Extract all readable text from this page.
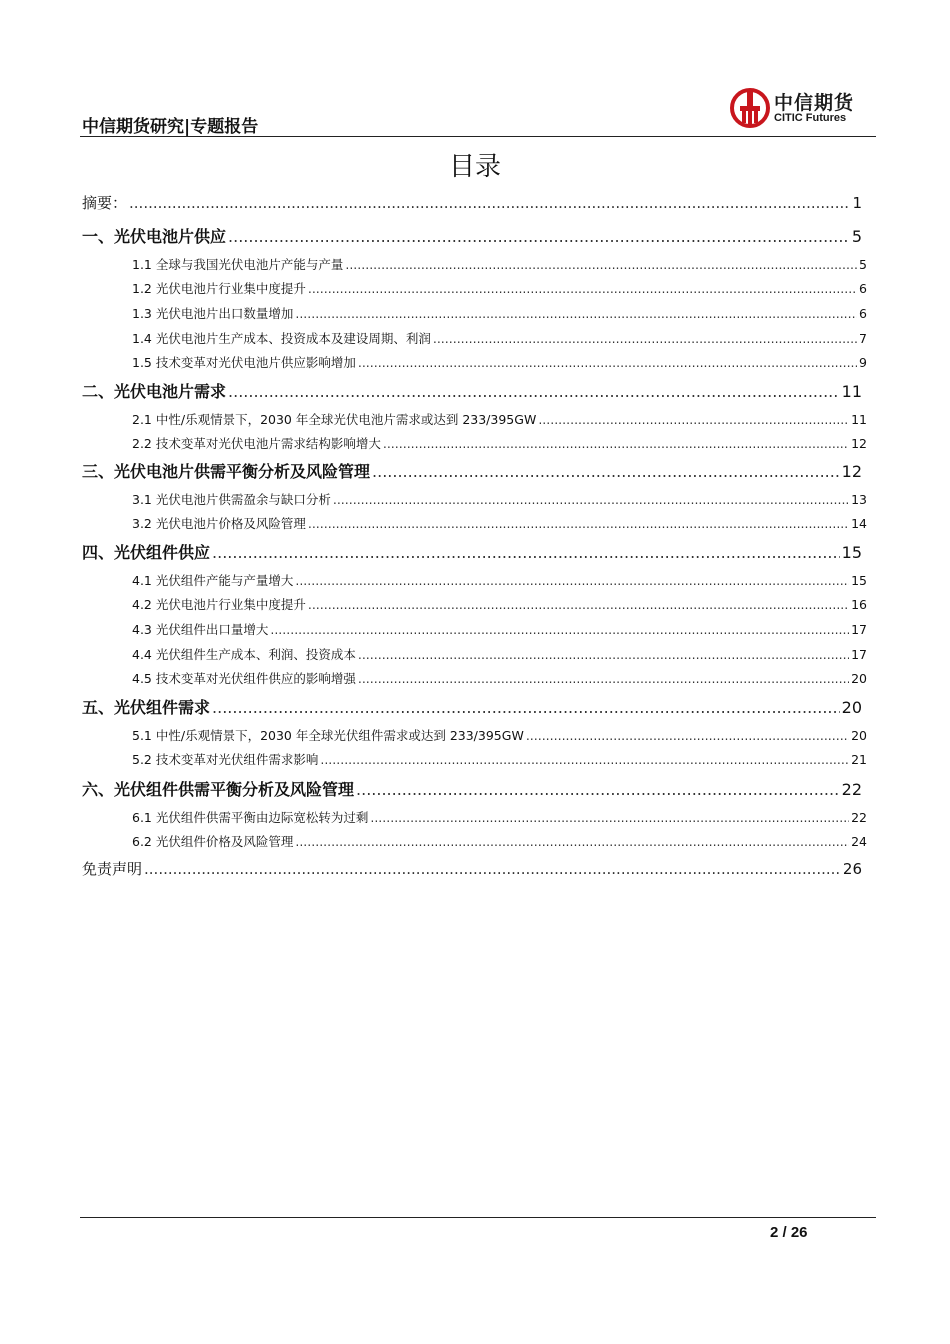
中信期货研究|专题报告
中信期货
CITIC Futures
目录
摘要： .....	1
一、光伏电池片供应 .....	5
1.1 全球与我国光伏电池片产能与产量 .....	5
1.2 光伏电池片行业集中度提升 .....	6
1.3 光伏电池片出口数量增加 .....	6
1.4 光伏电池片生产成本、投资成本及建设周期、利润 .....	7
1.5 技术变革对光伏电池片供应影响增加 .....	9
二、光伏电池片需求 .....	11
2.1 中性/乐观情景下，2030 年全球光伏电池片需求或达到 233/395GW .....	11
2.2 技术变革对光伏电池片需求结构影响增大 .....	12
三、光伏电池片供需平衡分析及风险管理 .....	12
3.1 光伏电池片供需盈余与缺口分析 .....	13
3.2 光伏电池片价格及风险管理 .....	14
四、光伏组件供应 .....	15
4.1 光伏组件产能与产量增大 .....	15
4.2 光伏电池片行业集中度提升 .....	16
4.3 光伏组件出口量增大 .....	17
4.4 光伏组件生产成本、利润、投资成本 .....	17
4.5 技术变革对光伏组件供应的影响增强 .....	20
五、光伏组件需求 .....	20
5.1 中性/乐观情景下，2030 年全球光伏组件需求或达到 233/395GW .....	20
5.2 技术变革对光伏组件需求影响 .....	21
六、光伏组件供需平衡分析及风险管理 .....	22
6.1 光伏组件供需平衡由边际宽松转为过剩 .....	22
6.2 光伏组件价格及风险管理 .....	24
免责声明 .....	26
2 / 26
